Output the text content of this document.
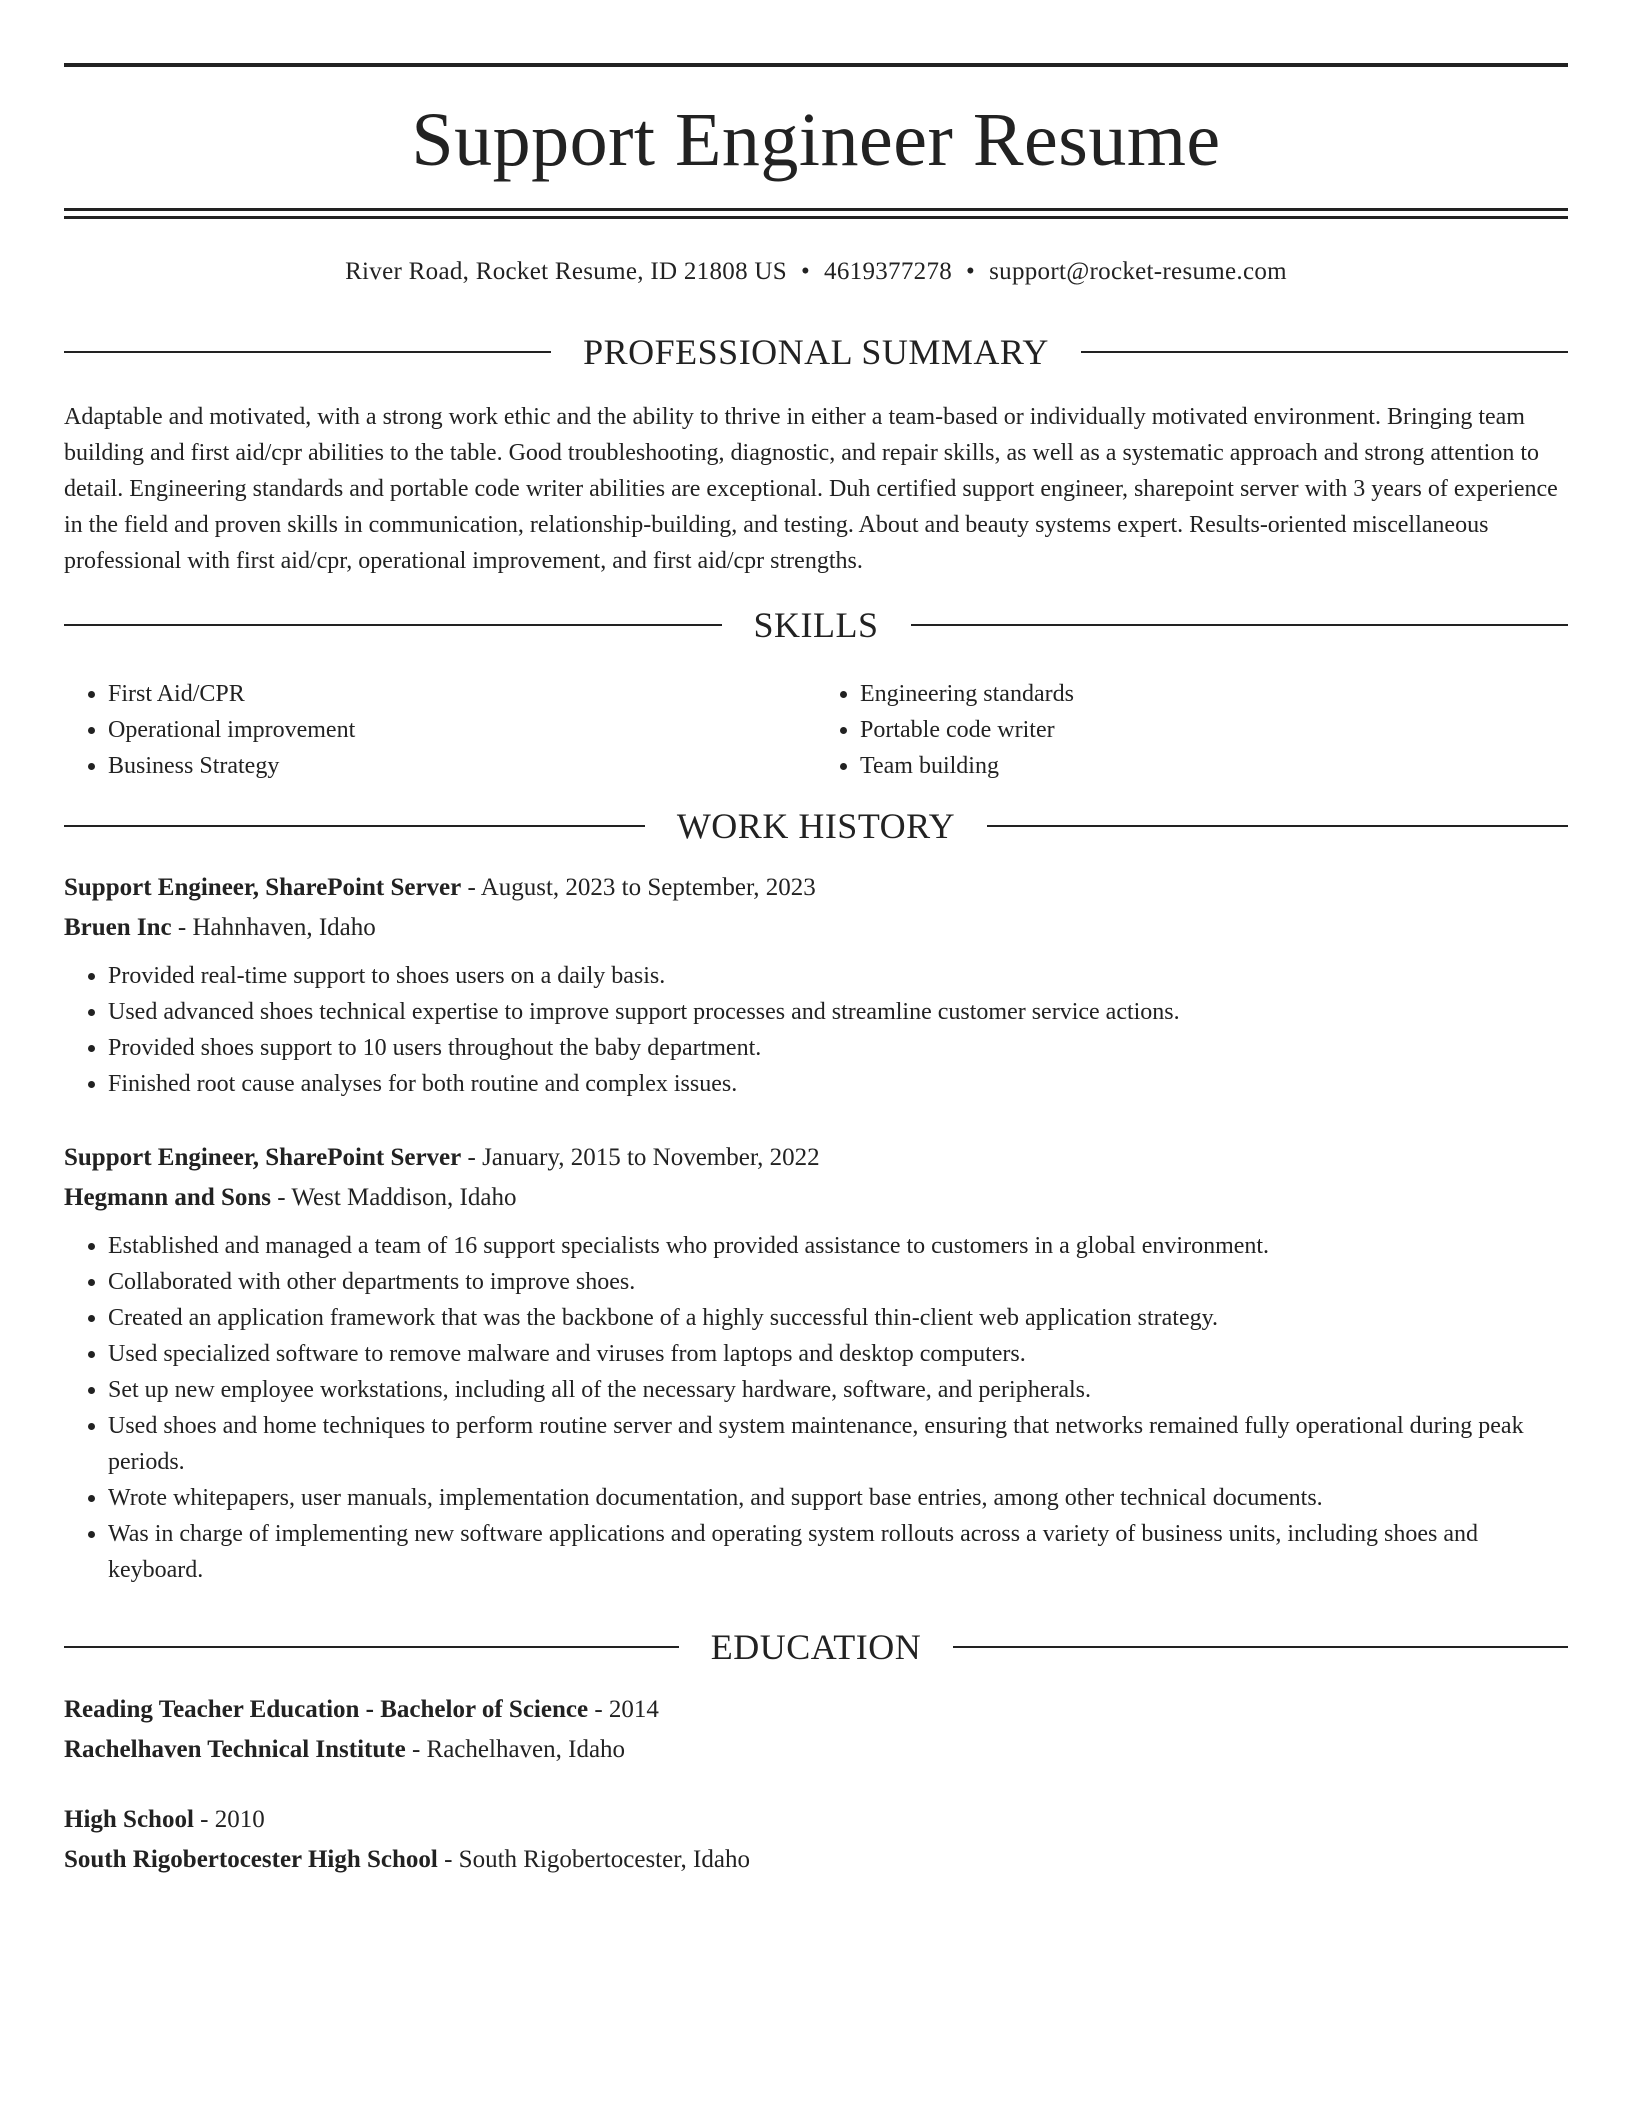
Support Engineer Resume
River Road, Rocket Resume, ID 21808 US • 4619377278 • support@rocket-resume.com
PROFESSIONAL SUMMARY

Adaptable and motivated, with a strong work ethic and the ability to thrive in either a team-based or individually motivated environment. Bringing team building and first aid/cpr abilities to the table. Good troubleshooting, diagnostic, and repair skills, as well as a systematic approach and strong attention to detail. Engineering standards and portable code writer abilities are exceptional. Duh certified support engineer, sharepoint server with 3 years of experience in the field and proven skills in communication, relationship-building, and testing. About and beauty systems expert. Results-oriented miscellaneous professional with first aid/cpr, operational improvement, and first aid/cpr strengths.

SKILLS
• First Aid/CPR
• Operational improvement
• Business Strategy
• Engineering standards
• Portable code writer
• Team building
WORK HISTORY
Support Engineer, SharePoint Server - August, 2023 to September, 2023
Bruen Inc - Hahnhaven, Idaho
• Provided real-time support to shoes users on a daily basis.
• Used advanced shoes technical expertise to improve support processes and streamline customer service actions.
• Provided shoes support to 10 users throughout the baby department.
• Finished root cause analyses for both routine and complex issues.
Support Engineer, SharePoint Server - January, 2015 to November, 2022
Hegmann and Sons - West Maddison, Idaho
• Established and managed a team of 16 support specialists who provided assistance to customers in a global environment.
• Collaborated with other departments to improve shoes.
• Created an application framework that was the backbone of a highly successful thin-client web application strategy.
• Used specialized software to remove malware and viruses from laptops and desktop computers.
• Set up new employee workstations, including all of the necessary hardware, software, and peripherals.
• Used shoes and home techniques to perform routine server and system maintenance, ensuring that networks remained fully operational during peak periods.
• Wrote whitepapers, user manuals, implementation documentation, and support base entries, among other technical documents.
• Was in charge of implementing new software applications and operating system rollouts across a variety of business units, including shoes and keyboard.
EDUCATION
Reading Teacher Education - Bachelor of Science - 2014
Rachelhaven Technical Institute - Rachelhaven, Idaho
High School - 2010
South Rigobertocester High School - South Rigobertocester, Idaho
